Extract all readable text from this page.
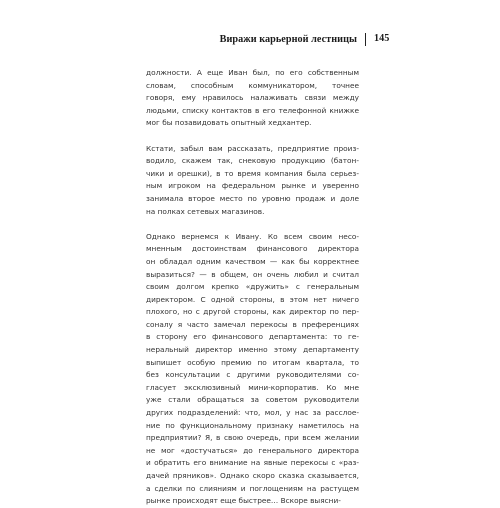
Виражи карьерной лестницы 145
должности. А еще Иван был, по его собственным
словам, способным коммуникатором, точнее
говоря, ему нравилось налаживать связи между
людьми, списку контактов в его телефонной книжке
мог бы позавидовать опытный хедхантер.
Кстати, забыл вам рассказать, предприятие произ-
водило, скажем так, снековую продукцию (батон-
чики и орешки), в то время компания была серьез-
ным игроком на федеральном рынке и уверенно
занимала второе место по уровню продаж и доле
на полках сетевых магазинов.
Однако вернемся к Ивану. Ко всем своим несо-
мненным достоинствам финансового директора
он обладал одним качеством — как бы корректнее
выразиться? — в общем, он очень любил и считал
своим долгом крепко «дружить» с генеральным
директором. С одной стороны, в этом нет ничего
плохого, но с другой стороны, как директор по пер-
соналу я часто замечал перекосы в преференциях
в сторону его финансового департамента: то ге-
неральный директор именно этому департаменту
выпишет особую премию по итогам квартала, то
без консультации с другими руководителями со-
гласует эксклюзивный мини-корпоратив. Ко мне
уже стали обращаться за советом руководители
других подразделений: что, мол, у нас за расслое-
ние по функциональному признаку наметилось на
предприятии? Я, в свою очередь, при всем желании
не мог «достучаться» до генерального директора
и обратить его внимание на явные перекосы с «раз-
дачей пряников». Однако скоро сказка сказывается,
а сделки по слияниям и поглощениям на растущем
рынке происходят еще быстрее… Вскоре выясни-
